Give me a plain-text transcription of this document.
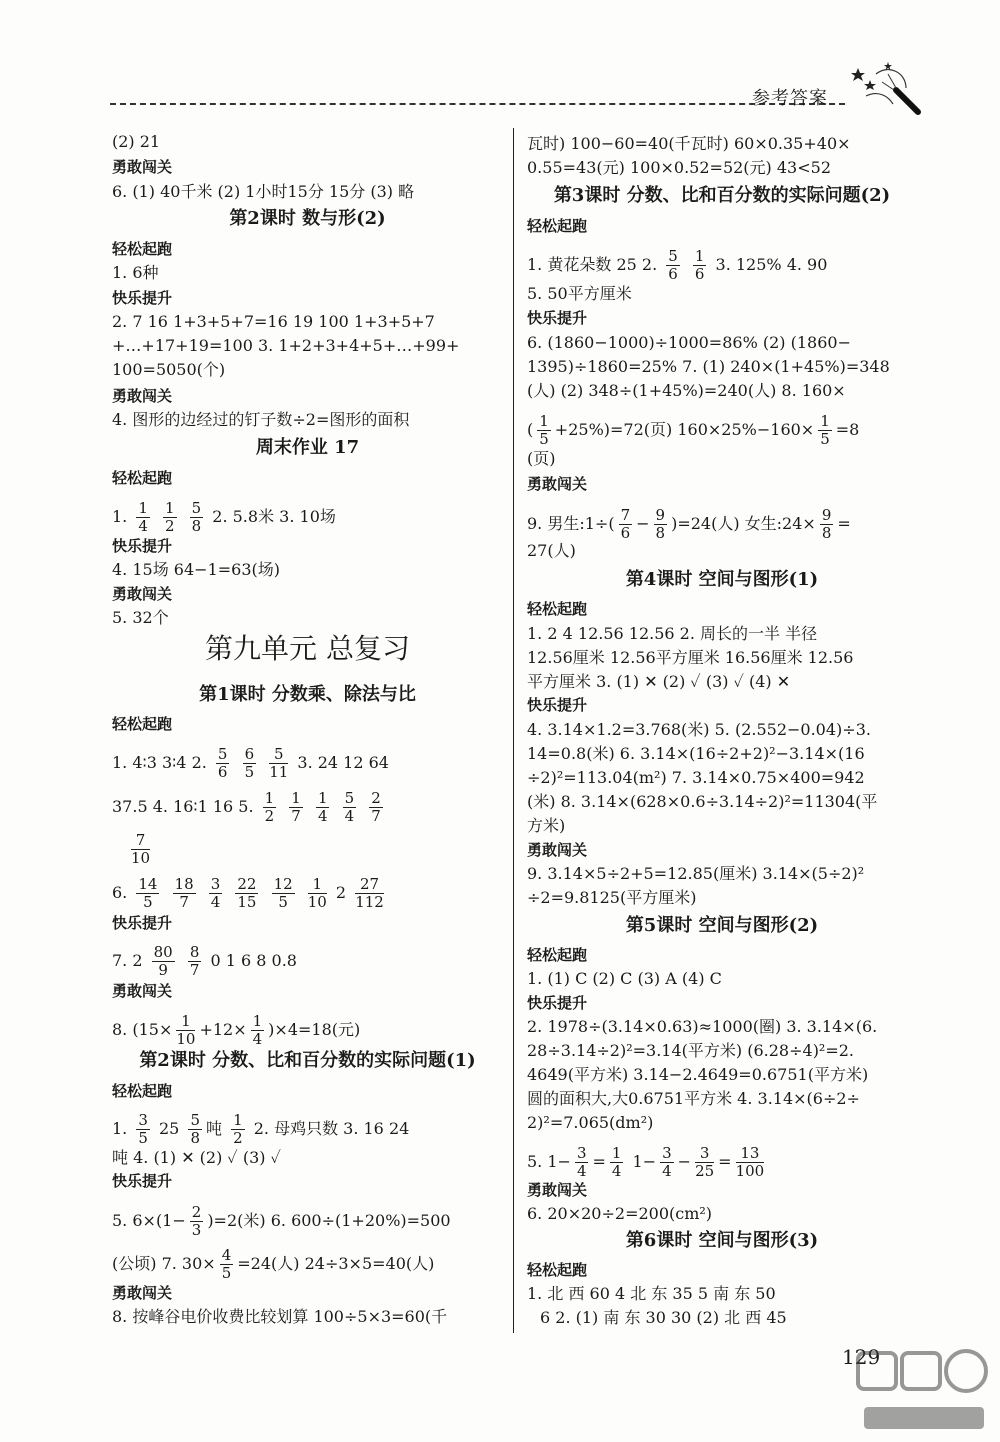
参考答案
129
(2) 21
勇敢闯关
6. (1) 40千米 (2) 1小时15分 15分 (3) 略
第2课时 数与形(2)
轻松起跑
1. 6种
快乐提升
2. 7 16 1+3+5+7=16 19 100 1+3+5+7
+…+17+19=100 3. 1+2+3+4+5+…+99+
100=5050(个)
勇敢闯关
4. 图形的边经过的钉子数÷2=图形的面积
周末作业 17
轻松起跑
1. $\frac{1}{4}$
$\frac{1}{2}$
$\frac{5}{8} 2$. 5.8米 3. 10场
快乐提升
4. 15场 64−1=63(场)
勇敢闯关
5. 32个
第九单元 总复习
第1课时 分数乘、除法与比
轻松起跑
1. 4∶3 3∶4 2. $\frac{5}{6}$
$\frac{6}{5}$
$\frac{5}{11} 3$. 24 12 64
37.5 4. 16∶1 16 5. $\frac{1}{2}$
$\frac{1}{7}$
$\frac{1}{4}$
$\frac{5}{4}$
$\frac{2}{7}$
$\frac{7}{10}$
6. $\frac{14}{5}$
$\frac{18}{7}$
$\frac{3}{4}$
$\frac{22}{15}$
$\frac{12}{5}$
$\frac{1}{10} 2 \frac{27}{112}$
快乐提升
7. $2 \frac{80}{9}$
$\frac{8}{7} 0$ 1 6 8 0.8
勇敢闯关
8. $(15\times \frac{1}{10} +12\times \frac{1}{4} )\times 4=18$(元)
第2课时 分数、比和百分数的实际问题(1)
轻松起跑
1. $\frac{3}{5} 25 \frac{5}{8}$ 吨 $\frac{1}{2} 2$. 母鸡只数 3. 16 24
吨 4. (1) ✕ (2) ✓ (3) ✓
快乐提升
5. $6\times(1- \frac{2}{3} )=2$(米) 6. 600÷(1+20%)=500
(公顷) 7. $30\times \frac{4}{5} =24$(人) 24÷3×5=40(人)
勇敢闯关
8. 按峰谷电价收费比较划算 100÷5×3=60(千
瓦时) 100−60=40(千瓦时) 60×0.35+40×
0.55=43(元) 100×0.52=52(元) 43<52
第3课时 分数、比和百分数的实际问题(2)
轻松起跑
1. 黄花朵数 25 2. $\frac{5}{6}$
$\frac{1}{6} 3$. 125% 4. 90
5. 50平方厘米
快乐提升
6. (1860−1000)÷1000=86% (2) (1860−
1395)÷1860=25% 7. (1) 240×(1+45%)=348
(人) (2) 348÷(1+45%)=240(人) 8. 160×
( $\frac{1}{5} +25\%)=72$(页) $160\times 25\%-160\times \frac{1}{5} =8$
(页)
勇敢闯关
9. 男生:1÷( $\frac{7}{6} - \frac{9}{8} )=24$(人) 女生:24× $\frac{9}{8}$ =
27(人)
第4课时 空间与图形(1)
轻松起跑
1. 2 4 12.56 12.56 2. 周长的一半 半径
12.56厘米 12.56平方厘米 16.56厘米 12.56
平方厘米 3. (1) ✕ (2) ✓ (3) ✓ (4) ✕
快乐提升
4. 3.14×1.2=3.768(米) 5. (2.552−0.04)÷3.
14=0.8(米) 6. 3.14×(16÷2+2)²−3.14×(16
÷2)²=113.04(m²) 7. 3.14×0.75×400=942
(米) 8. 3.14×(628×0.6÷3.14÷2)²=11304(平
方米)
勇敢闯关
9. 3.14×5÷2+5=12.85(厘米) 3.14×(5÷2)²
÷2=9.8125(平方厘米)
第5课时 空间与图形(2)
轻松起跑
1. (1) C (2) C (3) A (4) C
快乐提升
2. 1978÷(3.14×0.63)≈1000(圈) 3. 3.14×(6.
28÷3.14÷2)²=3.14(平方米) (6.28÷4)²=2.
4649(平方米) 3.14−2.4649=0.6751(平方米)
圆的面积大,大0.6751平方米 4. 3.14×(6÷2÷
2)²=7.065(dm²)
5. $1- \frac{3}{4} = \frac{1}{4} 1- \frac{3}{4} - \frac{3}{25} = \frac{13}{100}$
勇敢闯关
6. 20×20÷2=200(cm²)
第6课时 空间与图形(3)
轻松起跑
1. 北 西 60 4 北 东 35 5 南 东 50
6 2. (1) 南 东 30 30 (2) 北 西 45
